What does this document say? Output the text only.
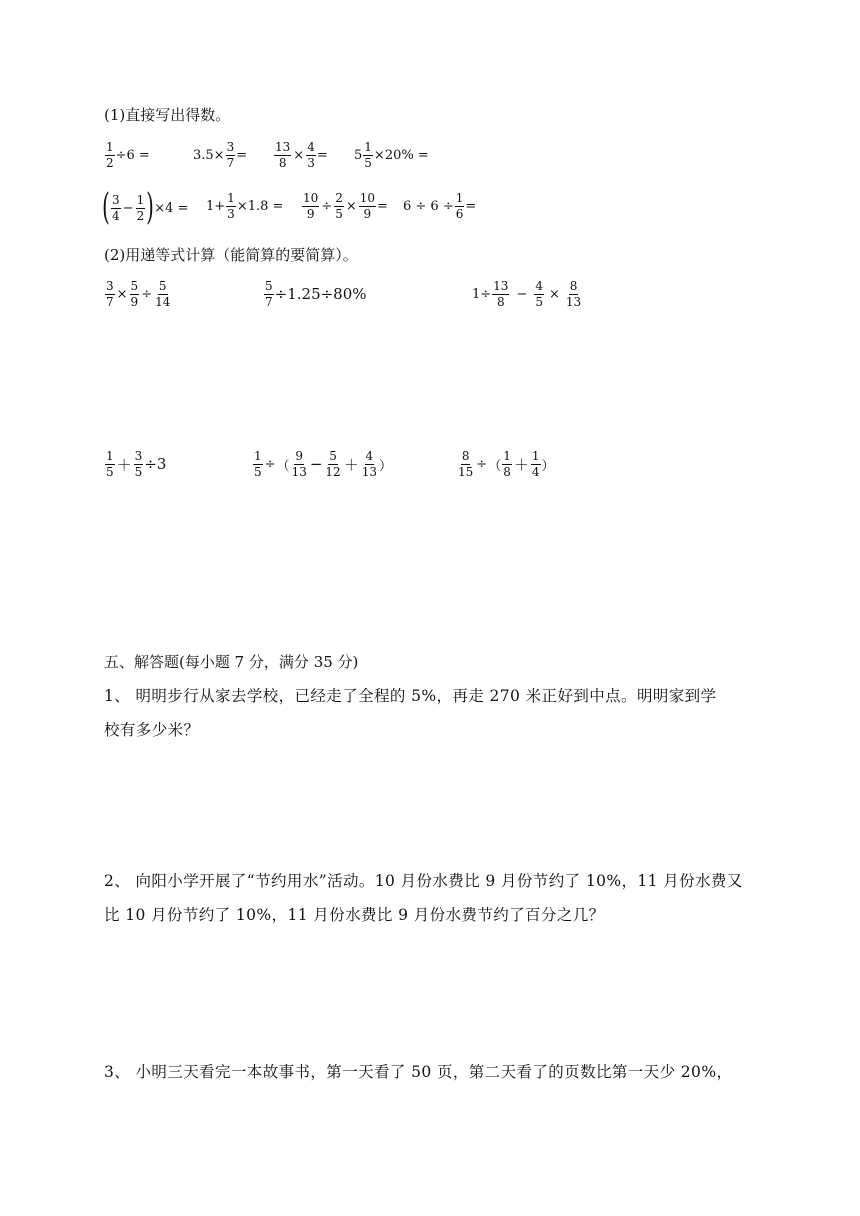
(1)直接写出得数。
$\frac{1}{2} \div 6$ =	$3.5\times \frac{3}{7} = \frac{13}{8} \times \frac{4}{3} = 5 \frac{1}{5} \times 20\%$ =
( $\frac{3}{4} - \frac{1}{2}$ ) $\times 4 = 1+ \frac{1}{3} \times 1.8 = \frac{10}{9} \div \frac{2}{5} \times \frac{10}{9} = 6 \div 6 \div \frac{1}{6}$ =
(2)用递等式计算（能简算的要简算）。
$\frac{3}{7} \times \frac{5}{9} \div \frac{5}{14}$	$\frac{5}{7} \div 1.25\div 80\%$	$1\div \frac{13}{8} - \frac{4}{5} \times \frac{8}{13}$
$\frac{1}{5} + \frac{3}{5} \div 3$	$\frac{1}{5}$ ÷ （ $\frac{9}{13} - \frac{5}{12} + \frac{4}{13}$ ）	$\frac{8}{15}$ ÷ （ $\frac{1}{8} + \frac{1}{4}$ ）
五、解答题(每小题 7 分，满分 35 分)
1、 明明步行从家去学校，已经走了全程的 5%，再走 270 米正好到中点。明明家到学
校有多少米？
2、 向阳小学开展了“节约用水”活动。10 月份水费比 9 月份节约了 10%，11 月份水费又
比 10 月份节约了 10%，11 月份水费比 9 月份水费节约了百分之几？
3、 小明三天看完一本故事书，第一天看了 50 页，第二天看了的页数比第一天少 20%，
